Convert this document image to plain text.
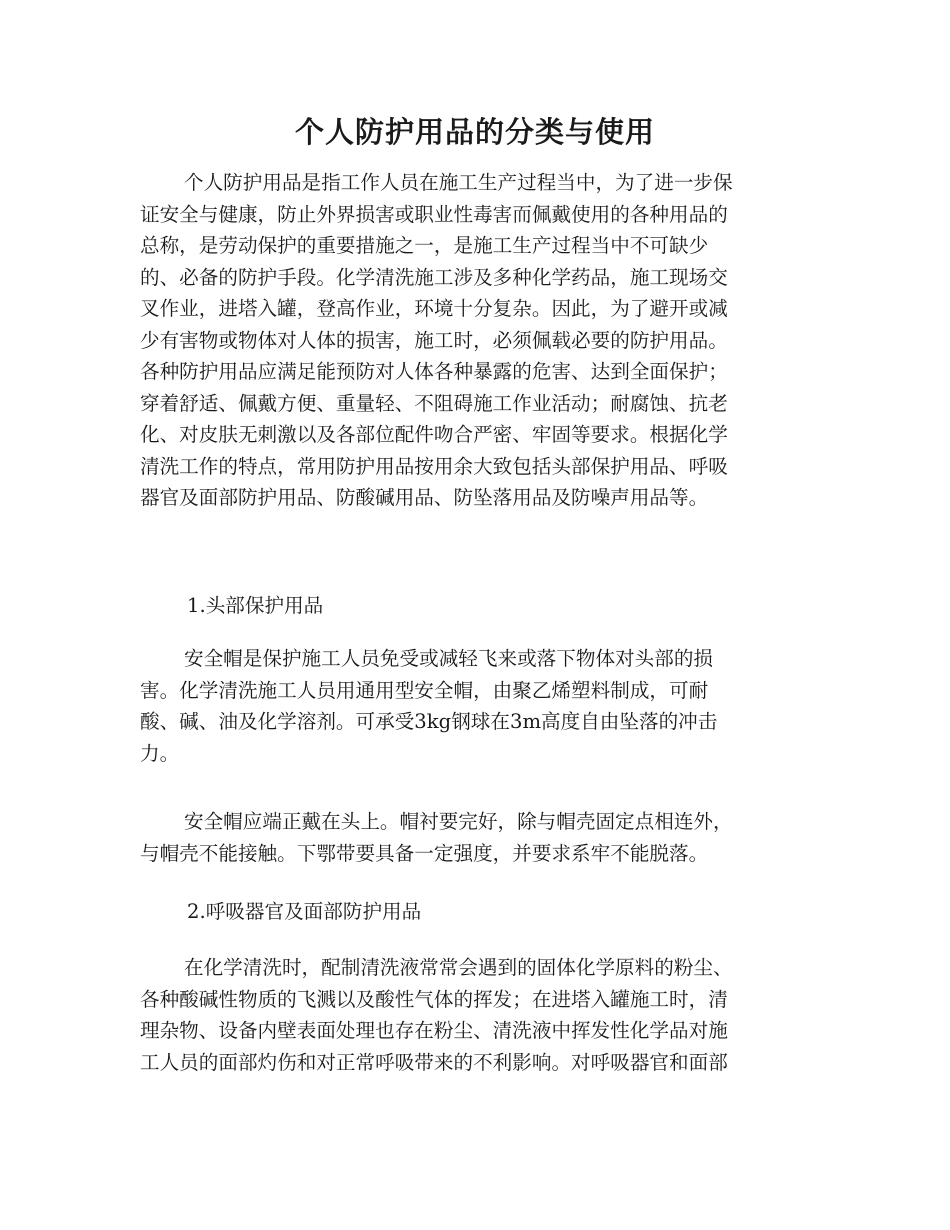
个人防护用品的分类与使用
个人防护用品是指工作人员在施工生产过程当中，为了进一步保
证安全与健康，防止外界损害或职业性毒害而佩戴使用的各种用品的
总称，是劳动保护的重要措施之一，是施工生产过程当中不可缺少
的、必备的防护手段。化学清洗施工涉及多种化学药品，施工现场交
叉作业，进塔入罐，登高作业，环境十分复杂。因此，为了避开或减
少有害物或物体对人体的损害，施工时，必须佩载必要的防护用品。
各种防护用品应满足能预防对人体各种暴露的危害、达到全面保护；
穿着舒适、佩戴方便、重量轻、不阻碍施工作业活动；耐腐蚀、抗老
化、对皮肤无刺激以及各部位配件吻合严密、牢固等要求。根据化学
清洗工作的特点，常用防护用品按用余大致包括头部保护用品、呼吸
器官及面部防护用品、防酸碱用品、防坠落用品及防噪声用品等。
1.头部保护用品
安全帽是保护施工人员免受或减轻飞来或落下物体对头部的损
害。化学清洗施工人员用通用型安全帽，由聚乙烯塑料制成，可耐
酸、碱、油及化学溶剂。可承受3kg钢球在3m高度自由坠落的冲击
力。
安全帽应端正戴在头上。帽衬要完好，除与帽壳固定点相连外，
与帽壳不能接触。下鄂带要具备一定强度，并要求系牢不能脱落。
2.呼吸器官及面部防护用品
在化学清洗时，配制清洗液常常会遇到的固体化学原料的粉尘、
各种酸碱性物质的飞溅以及酸性气体的挥发；在进塔入罐施工时，清
理杂物、设备内壁表面处理也存在粉尘、清洗液中挥发性化学品对施
工人员的面部灼伤和对正常呼吸带来的不利影响。对呼吸器官和面部
